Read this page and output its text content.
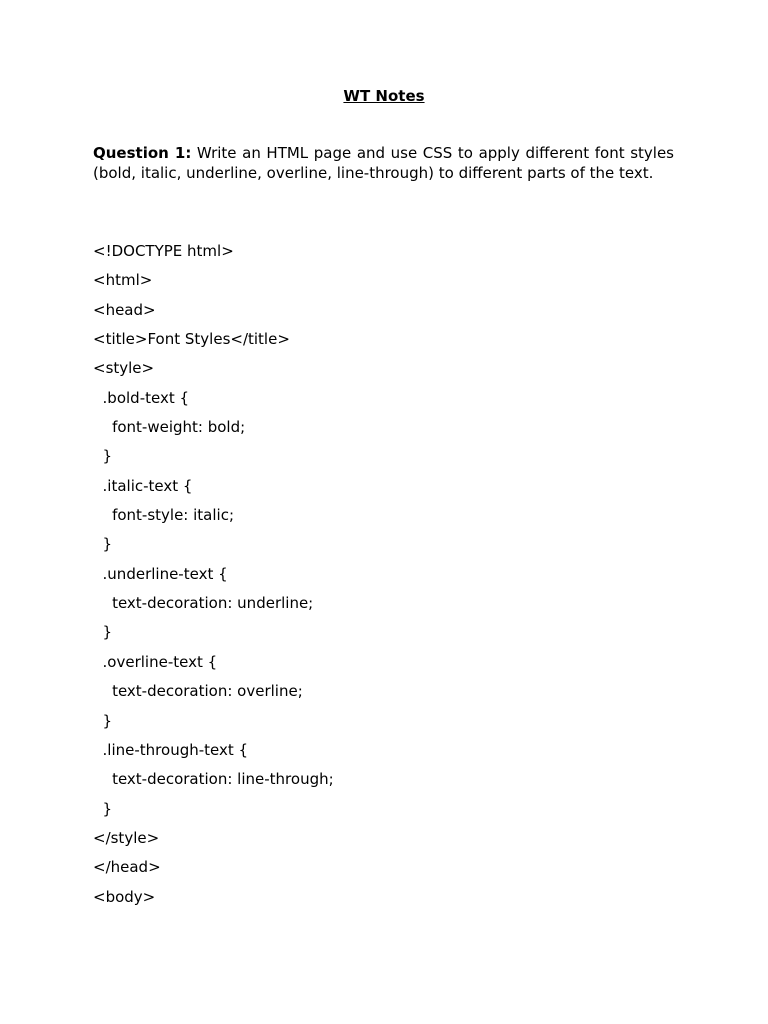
WT Notes

Question 1: Write an HTML page and use CSS to apply different font styles (bold, italic, underline, overline, line-through) to different parts of the text.

<!DOCTYPE html>
<html>
<head>
<title>Font Styles</title>
<style>
.bold-text {
font-weight: bold;
}
.italic-text {
font-style: italic;
}
.underline-text {
text-decoration: underline;
}
.overline-text {
text-decoration: overline;
}
.line-through-text {
text-decoration: line-through;
}
</style>
</head>
<body>
